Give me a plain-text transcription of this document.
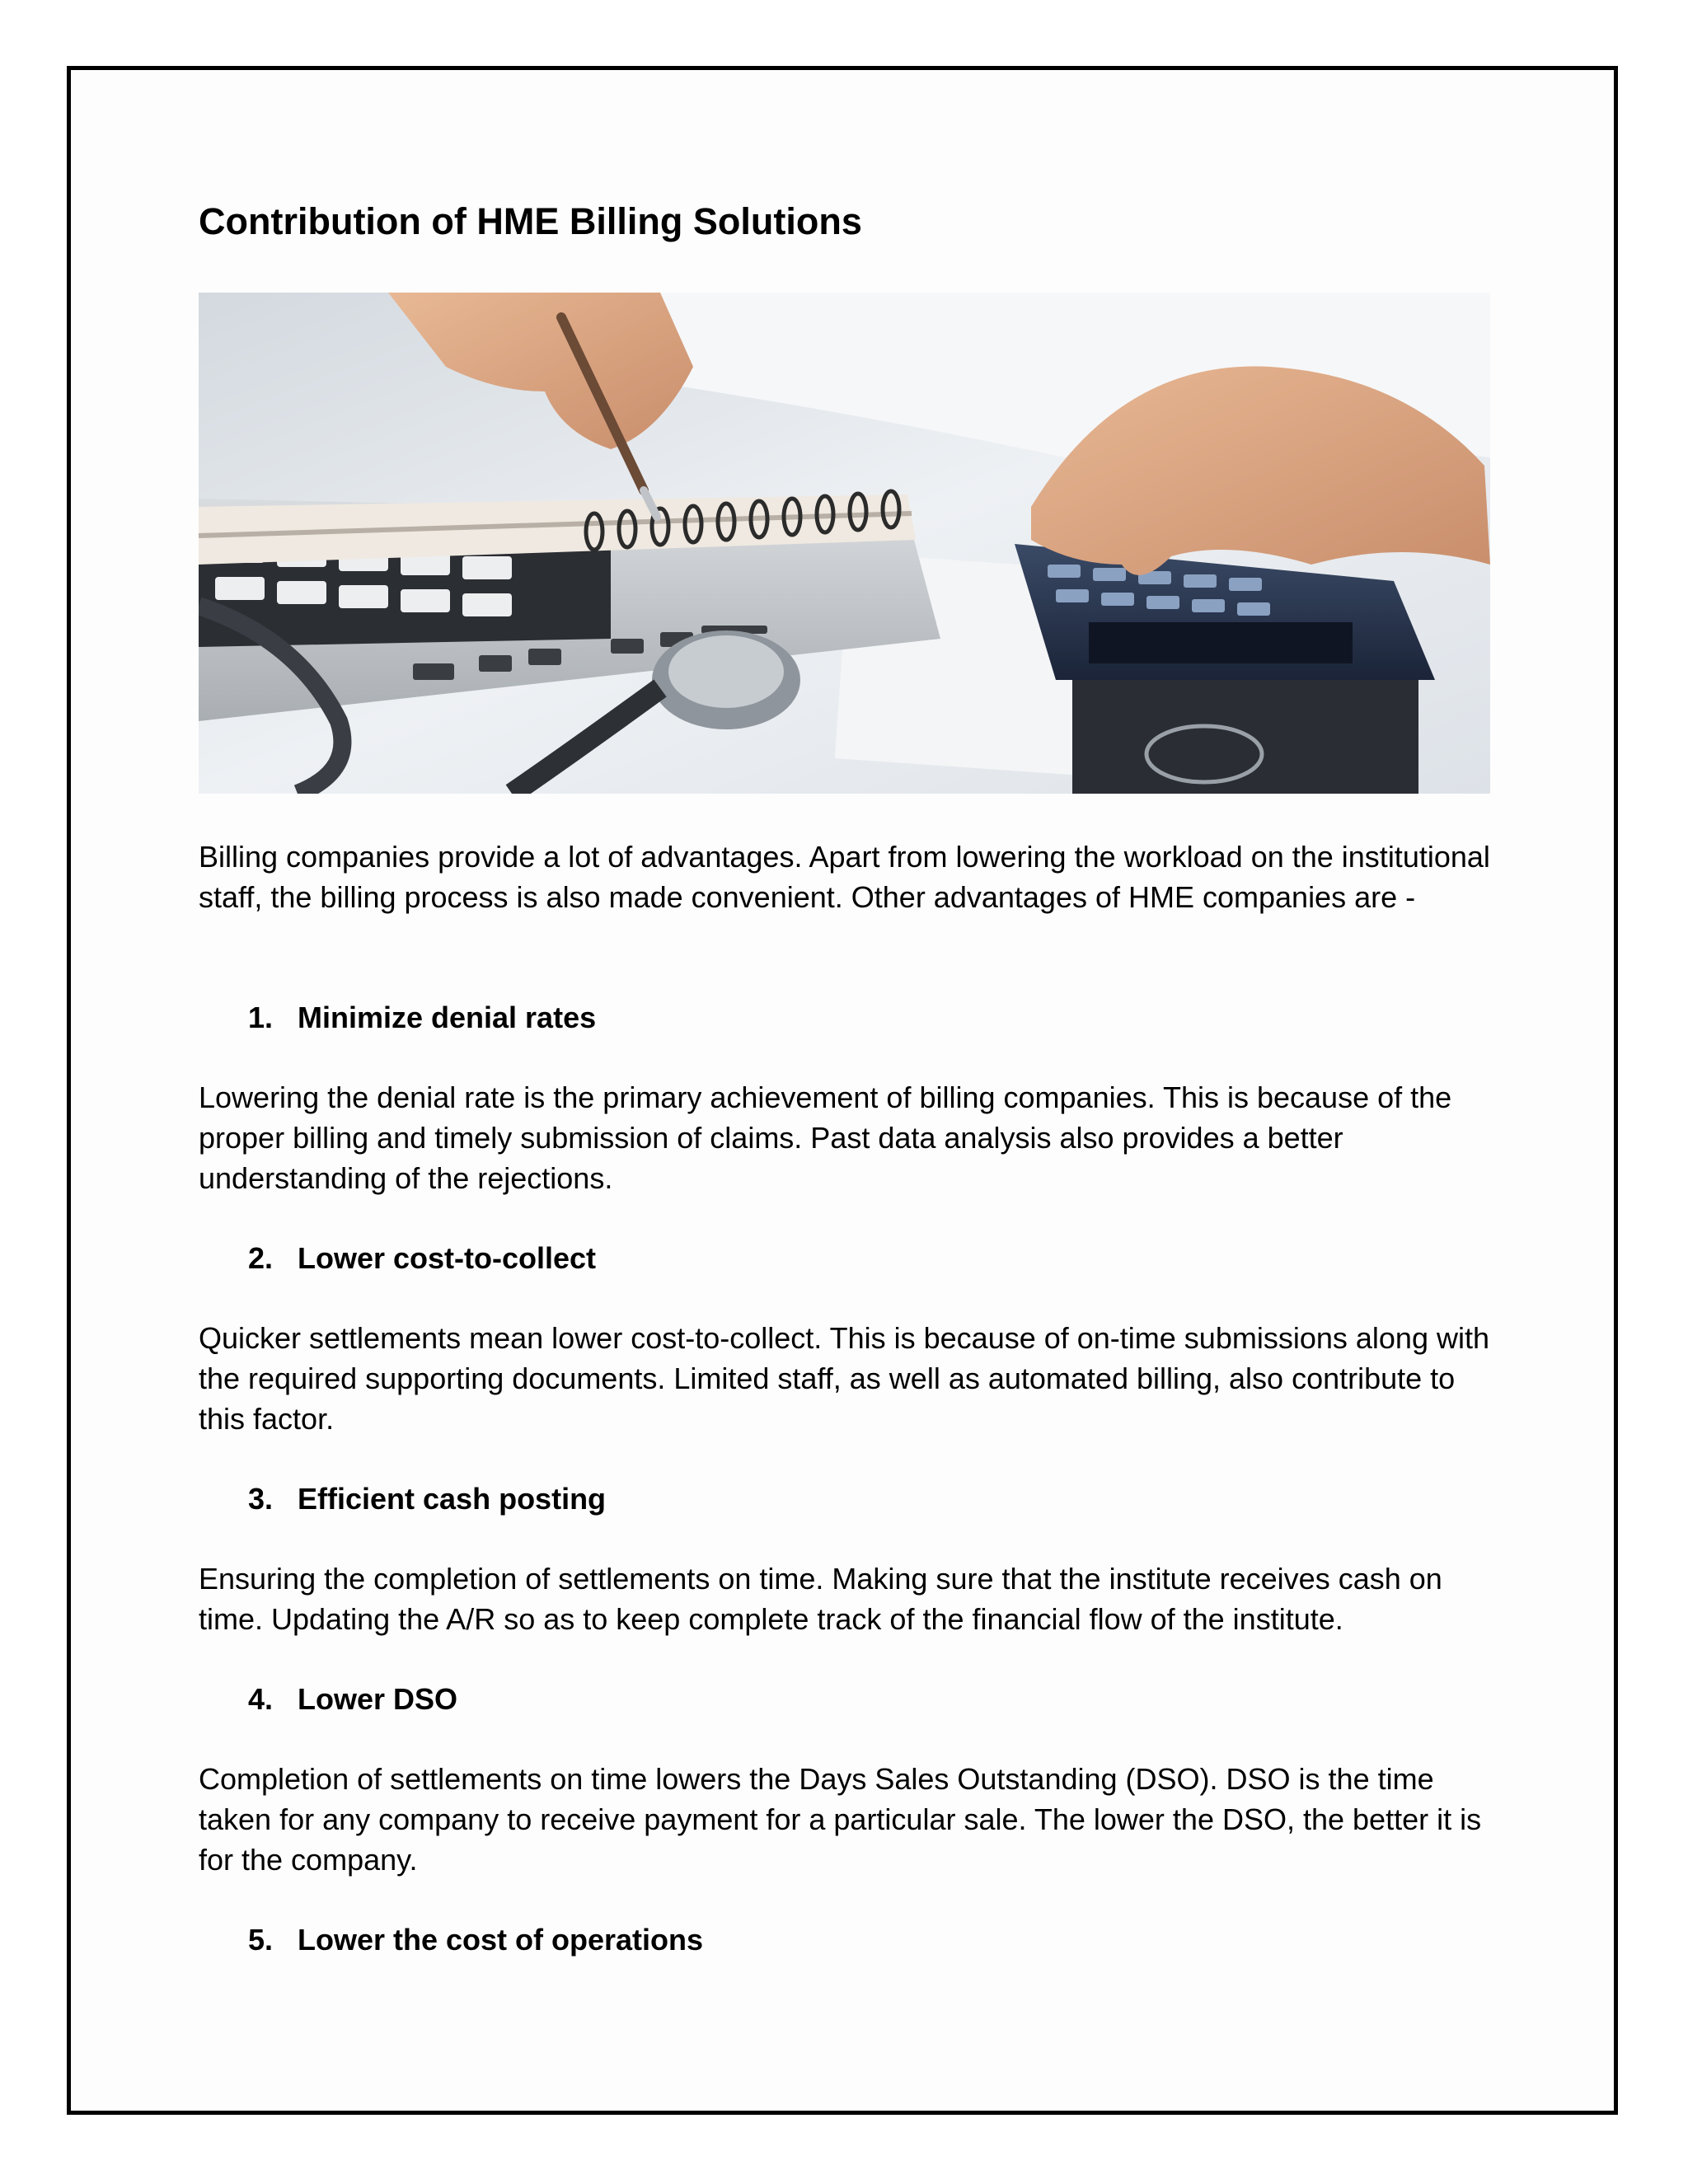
Contribution of HME Billing Solutions

Billing companies provide a lot of advantages. Apart from lowering the workload on the institutional staff, the billing process is also made convenient. Other advantages of HME companies are -

1. Minimize denial rates

Lowering the denial rate is the primary achievement of billing companies. This is because of the proper billing and timely submission of claims. Past data analysis also provides a better understanding of the rejections.

2. Lower cost-to-collect

Quicker settlements mean lower cost-to-collect. This is because of on-time submissions along with the required supporting documents. Limited staff, as well as automated billing, also contribute to this factor.

3. Efficient cash posting

Ensuring the completion of settlements on time. Making sure that the institute receives cash on time. Updating the A/R so as to keep complete track of the financial flow of the institute.

4. Lower DSO

Completion of settlements on time lowers the Days Sales Outstanding (DSO). DSO is the time taken for any company to receive payment for a particular sale. The lower the DSO, the better it is for the company.

5. Lower the cost of operations
